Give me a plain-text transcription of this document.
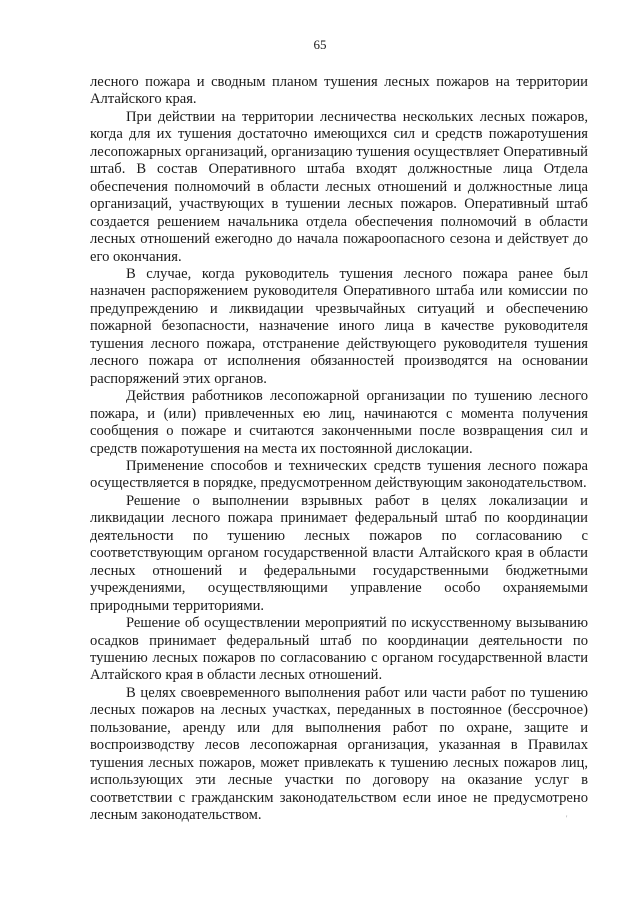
65

лесного пожара и сводным планом тушения лесных пожаров на территории Алтайского края.

При действии на территории лесничества нескольких лесных пожаров, когда для их тушения достаточно имеющихся сил и средств пожаротушения лесопожарных организаций, организацию тушения осуществляет Оперативный штаб. В состав Оперативного штаба входят должностные лица Отдела обеспечения полномочий в области лесных отношений и должностные лица организаций, участвующих в тушении лесных пожаров. Оперативный штаб создается решением начальника отдела обеспечения полномочий в области лесных отношений ежегодно до начала пожароопасного сезона и действует до его окончания.

В случае, когда руководитель тушения лесного пожара ранее был назначен распоряжением руководителя Оперативного штаба или комиссии по предупреждению и ликвидации чрезвычайных ситуаций и обеспечению пожарной безопасности, назначение иного лица в качестве руководителя тушения лесного пожара, отстранение действующего руководителя тушения лесного пожара от исполнения обязанностей производятся на основании распоряжений этих органов.

Действия работников лесопожарной организации по тушению лесного пожара, и (или) привлеченных ею лиц, начинаются с момента получения сообщения о пожаре и считаются законченными после возвращения сил и средств пожаротушения на места их постоянной дислокации.

Применение способов и технических средств тушения лесного пожара осуществляется в порядке, предусмотренном действующим законодательством.

Решение о выполнении взрывных работ в целях локализации и ликвидации лесного пожара принимает федеральный штаб по координации деятельности по тушению лесных пожаров по согласованию с соответствующим органом государственной власти Алтайского края в области лесных отношений и федеральными государственными бюджетными учреждениями, осуществляющими управление особо охраняемыми природными территориями.

Решение об осуществлении мероприятий по искусственному вызыванию осадков принимает федеральный штаб по координации деятельности по тушению лесных пожаров по согласованию с органом государственной власти Алтайского края в области лесных отношений.

В целях своевременного выполнения работ или части работ по тушению лесных пожаров на лесных участках, переданных в постоянное (бессрочное) пользование, аренду или для выполнения работ по охране, защите и воспроизводству лесов лесопожарная организация, указанная в Правилах тушения лесных пожаров, может привлекать к тушению лесных пожаров лиц, использующих эти лесные участки по договору на оказание услуг в соответствии с гражданским законодательством если иное не предусмотрено лесным законодательством.	'
